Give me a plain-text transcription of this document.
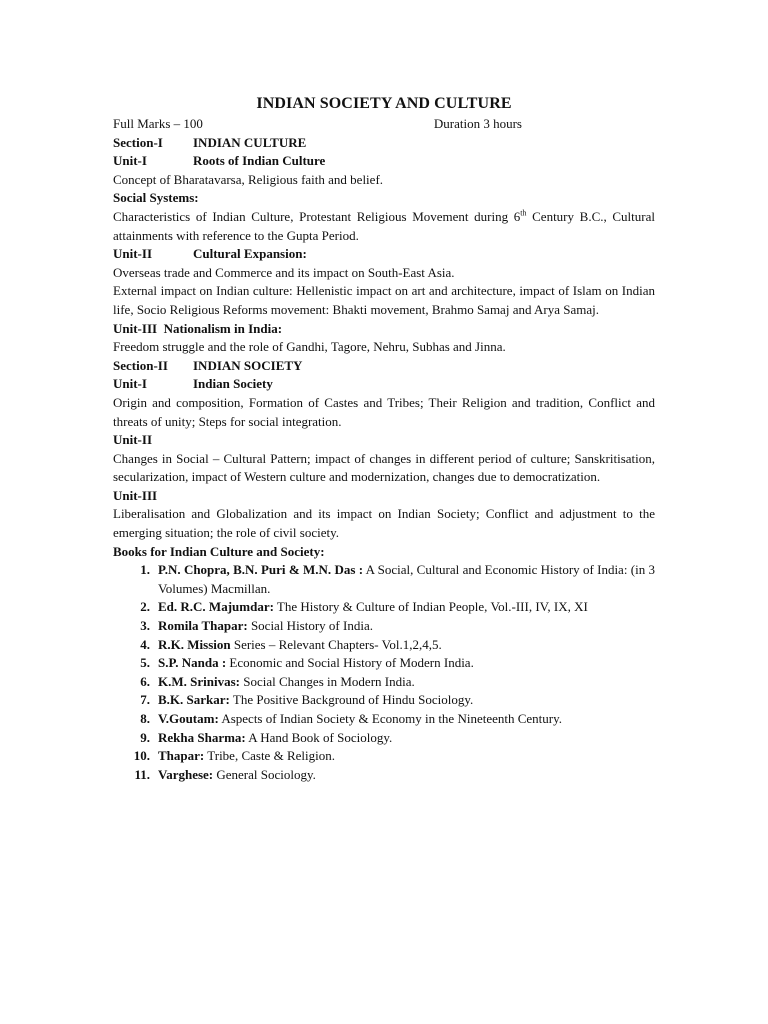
INDIAN SOCIETY AND CULTURE
Full Marks – 100	Duration 3 hours
Section-I	INDIAN CULTURE
Unit-I	Roots of Indian Culture
Concept of Bharatavarsa, Religious faith and belief.
Social Systems:
Characteristics of Indian Culture, Protestant Religious Movement during 6th Century B.C., Cultural attainments with reference to the Gupta Period.
Unit-II	Cultural Expansion:
Overseas trade and Commerce and its impact on South-East Asia.
External impact on Indian culture: Hellenistic impact on art and architecture, impact of Islam on Indian life, Socio Religious Reforms movement: Bhakti movement, Brahmo Samaj and Arya Samaj.
Unit-III  Nationalism in India:
Freedom struggle and the role of Gandhi, Tagore, Nehru, Subhas and Jinna.
Section-II	INDIAN SOCIETY
Unit-I	Indian Society
Origin and composition, Formation of Castes and Tribes; Their Religion and tradition, Conflict and threats of unity; Steps for social integration.
Unit-II
Changes in Social – Cultural Pattern; impact of changes in different period of culture; Sanskritisation, secularization, impact of Western culture and modernization, changes due to democratization.
Unit-III
Liberalisation and Globalization and its impact on Indian Society; Conflict and adjustment to the emerging situation; the role of civil society.
Books for Indian Culture and Society:
1. P.N. Chopra, B.N. Puri & M.N. Das : A Social, Cultural and Economic History of India: (in 3 Volumes) Macmillan.
2. Ed. R.C. Majumdar: The History & Culture of Indian People, Vol.-III, IV, IX, XI
3. Romila Thapar: Social History of India.
4. R.K. Mission Series – Relevant Chapters- Vol.1,2,4,5.
5. S.P. Nanda : Economic and Social History of Modern India.
6. K.M. Srinivas: Social Changes in Modern India.
7. B.K. Sarkar: The Positive Background of Hindu Sociology.
8. V.Goutam: Aspects of Indian Society & Economy in the Nineteenth Century.
9. Rekha Sharma: A Hand Book of Sociology.
10. Thapar: Tribe, Caste & Religion.
11. Varghese: General Sociology.
